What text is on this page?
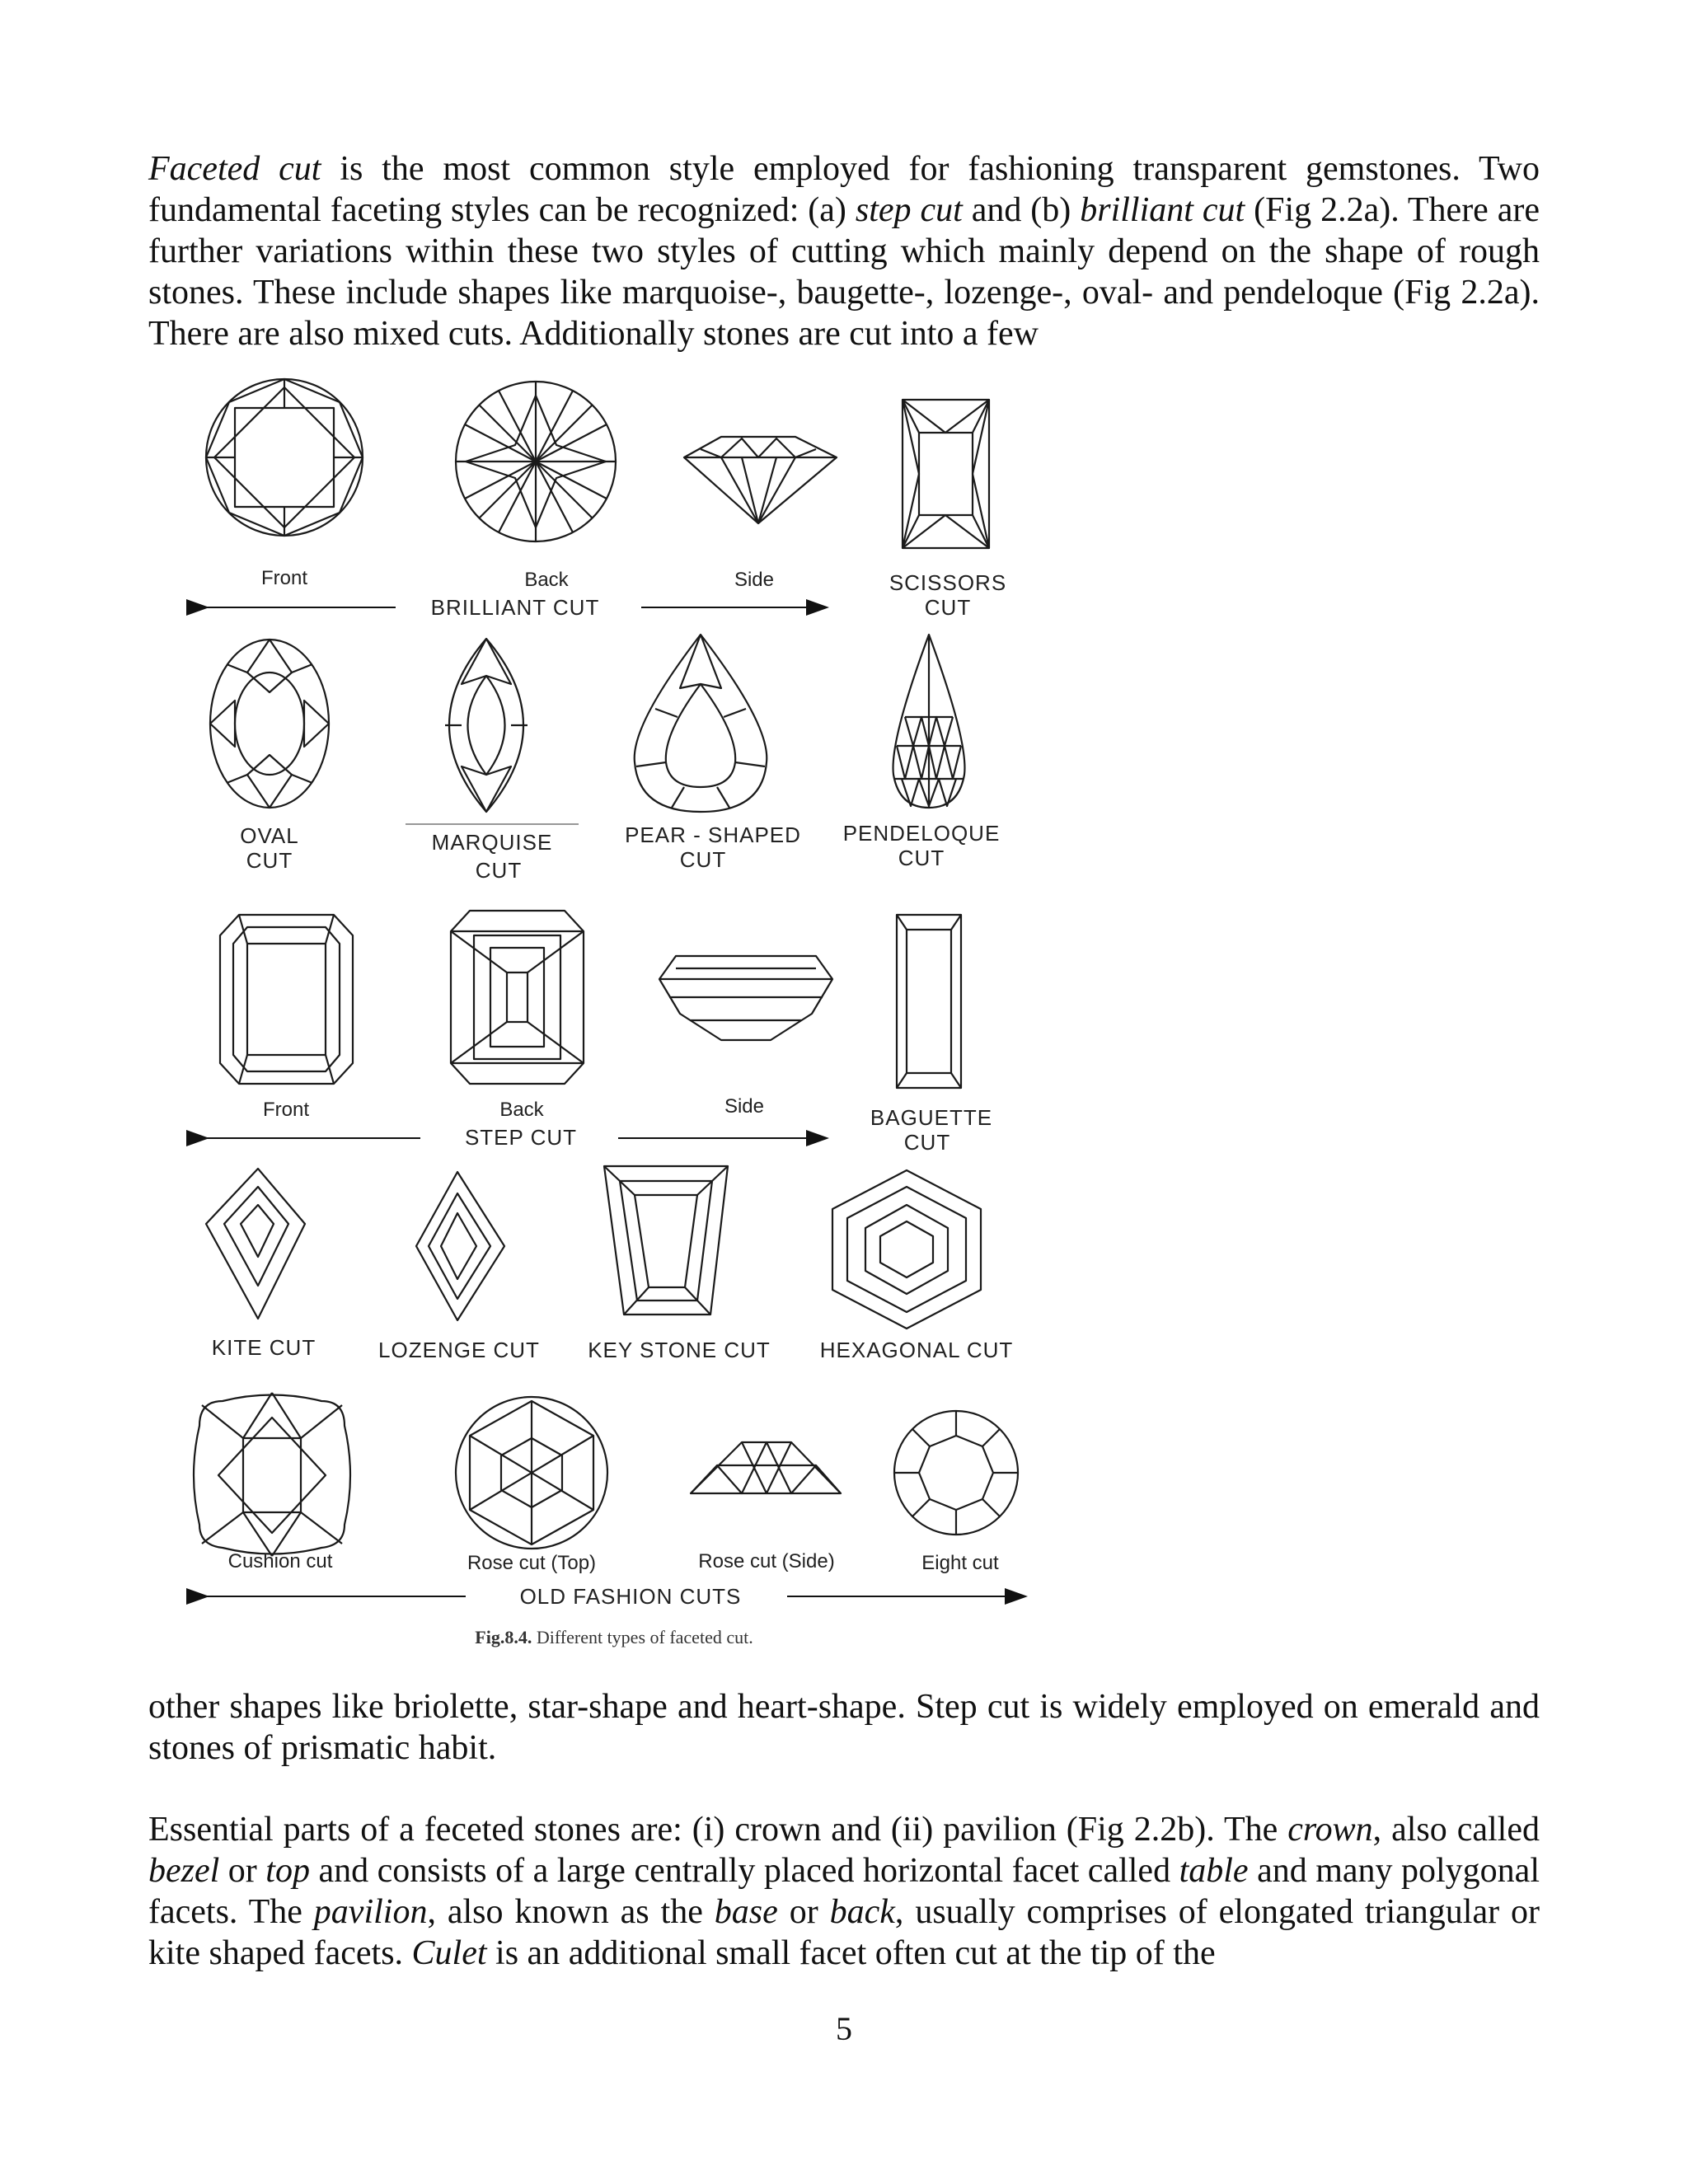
Faceted cut is the most common style employed for fashioning transparent gemstones. Two fundamental faceting styles can be recognized: (a) step cut and (b) brilliant cut (Fig 2.2a). There are further variations within these two styles of cutting which mainly depend on the shape of rough stones. These include shapes like marquoise-, baugette-, lozenge-, oval- and pendeloque (Fig 2.2a). There are also mixed cuts. Additionally stones are cut into a few

Front	Back	Side	SCISSORS
CUT
BRILLIANT CUT
OVAL
CUT
MARQUISE
CUT
PEAR - SHAPED
CUT
PENDELOQUE
CUT
Front	Back	Side	BAGUETTE
CUT
STEP CUT
KITE CUT	LOZENGE CUT KEY STONE CUT HEXAGONAL CUT
Cushion cut	Rose cut (Top)	Rose cut (Side)	Eight cut
OLD FASHION CUTS
Fig.8.4. Different types of faceted cut.

other shapes like briolette, star-shape and heart-shape. Step cut is widely employed on emerald and stones of prismatic habit.

Essential parts of a feceted stones are: (i) crown and (ii) pavilion (Fig 2.2b). The crown, also called bezel or top and consists of a large centrally placed horizontal facet called table and many polygonal facets. The pavilion, also known as the base or back, usually comprises of elongated triangular or kite shaped facets. Culet is an additional small facet often cut at the tip of the

5
